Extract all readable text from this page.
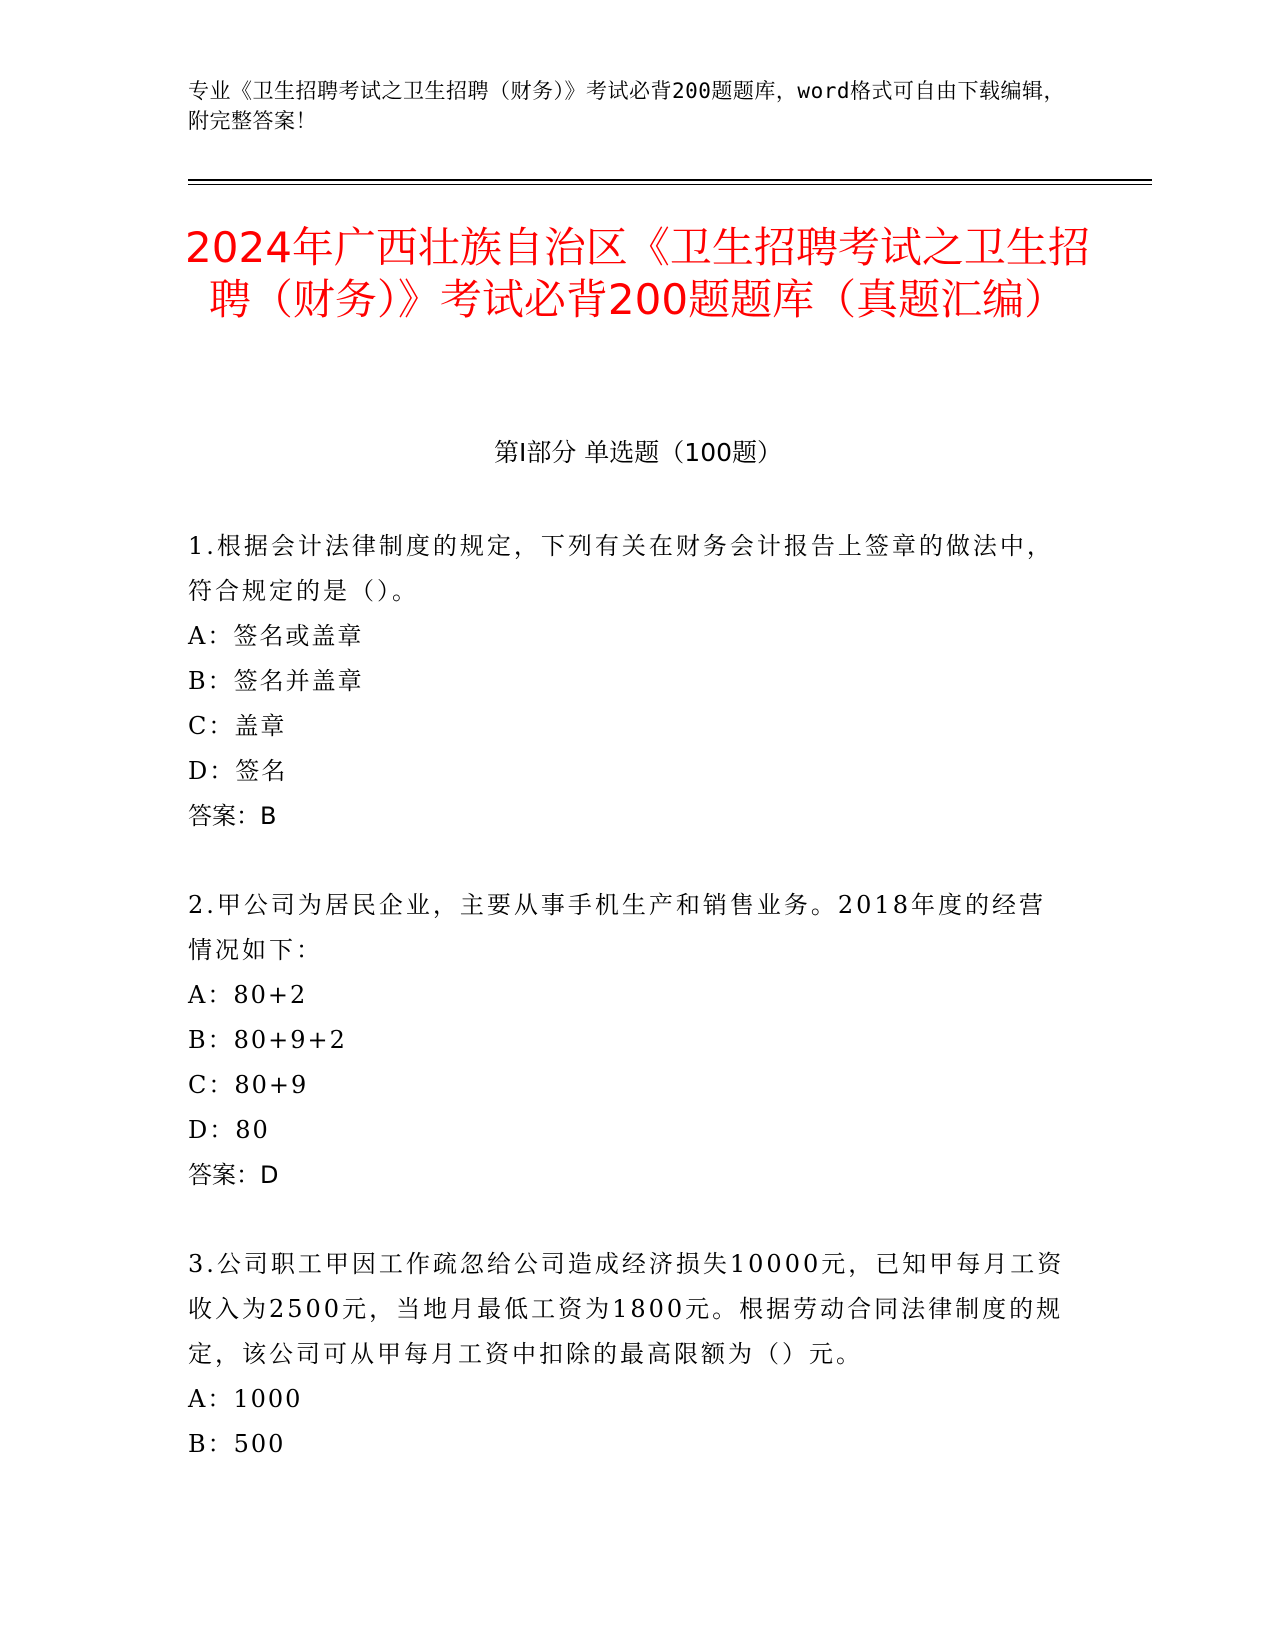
专业《卫生招聘考试之卫生招聘（财务）》考试必背200题题库，word格式可自由下载编辑，附完整答案！
2024年广西壮族自治区《卫生招聘考试之卫生招聘（财务）》考试必背200题题库（真题汇编）
第I部分 单选题（100题）
1.根据会计法律制度的规定，下列有关在财务会计报告上签章的做法中，符合规定的是（）。
A：签名或盖章
B：签名并盖章
C：盖章
D：签名
答案：B
2.甲公司为居民企业，主要从事手机生产和销售业务。2018年度的经营情况如下：
A：80+2
B：80+9+2
C：80+9
D：80
答案：D
3.公司职工甲因工作疏忽给公司造成经济损失10000元，已知甲每月工资收入为2500元，当地月最低工资为1800元。根据劳动合同法律制度的规定，该公司可从甲每月工资中扣除的最高限额为（）元。
A：1000
B：500
